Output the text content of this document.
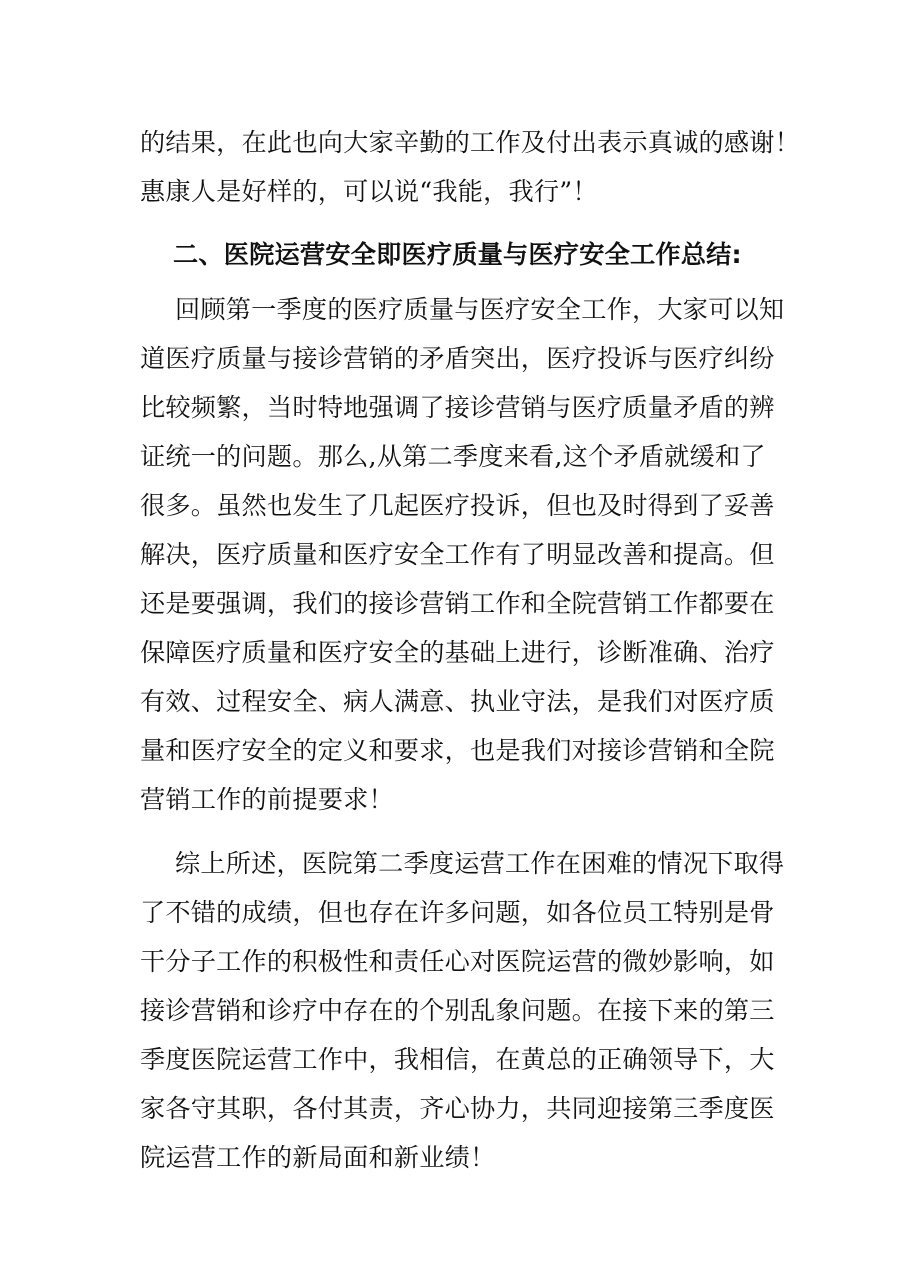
的结果，在此也向大家辛勤的工作及付出表示真诚的感谢！
惠康人是好样的，可以说“我能，我行”！
二、医院运营安全即医疗质量与医疗安全工作总结:
回顾第一季度的医疗质量与医疗安全工作，大家可以知
道医疗质量与接诊营销的矛盾突出，医疗投诉与医疗纠纷
比较频繁，当时特地强调了接诊营销与医疗质量矛盾的辨
证统一的问题。那么,从第二季度来看,这个矛盾就缓和了
很多。虽然也发生了几起医疗投诉，但也及时得到了妥善
解决，医疗质量和医疗安全工作有了明显改善和提高。但
还是要强调，我们的接诊营销工作和全院营销工作都要在
保障医疗质量和医疗安全的基础上进行，诊断准确、治疗
有效、过程安全、病人满意、执业守法，是我们对医疗质
量和医疗安全的定义和要求，也是我们对接诊营销和全院
营销工作的前提要求！
综上所述，医院第二季度运营工作在困难的情况下取得
了不错的成绩，但也存在许多问题，如各位员工特别是骨
干分子工作的积极性和责任心对医院运营的微妙影响，如
接诊营销和诊疗中存在的个别乱象问题。在接下来的第三
季度医院运营工作中，我相信，在黄总的正确领导下，大
家各守其职，各付其责，齐心协力，共同迎接第三季度医
院运营工作的新局面和新业绩！
